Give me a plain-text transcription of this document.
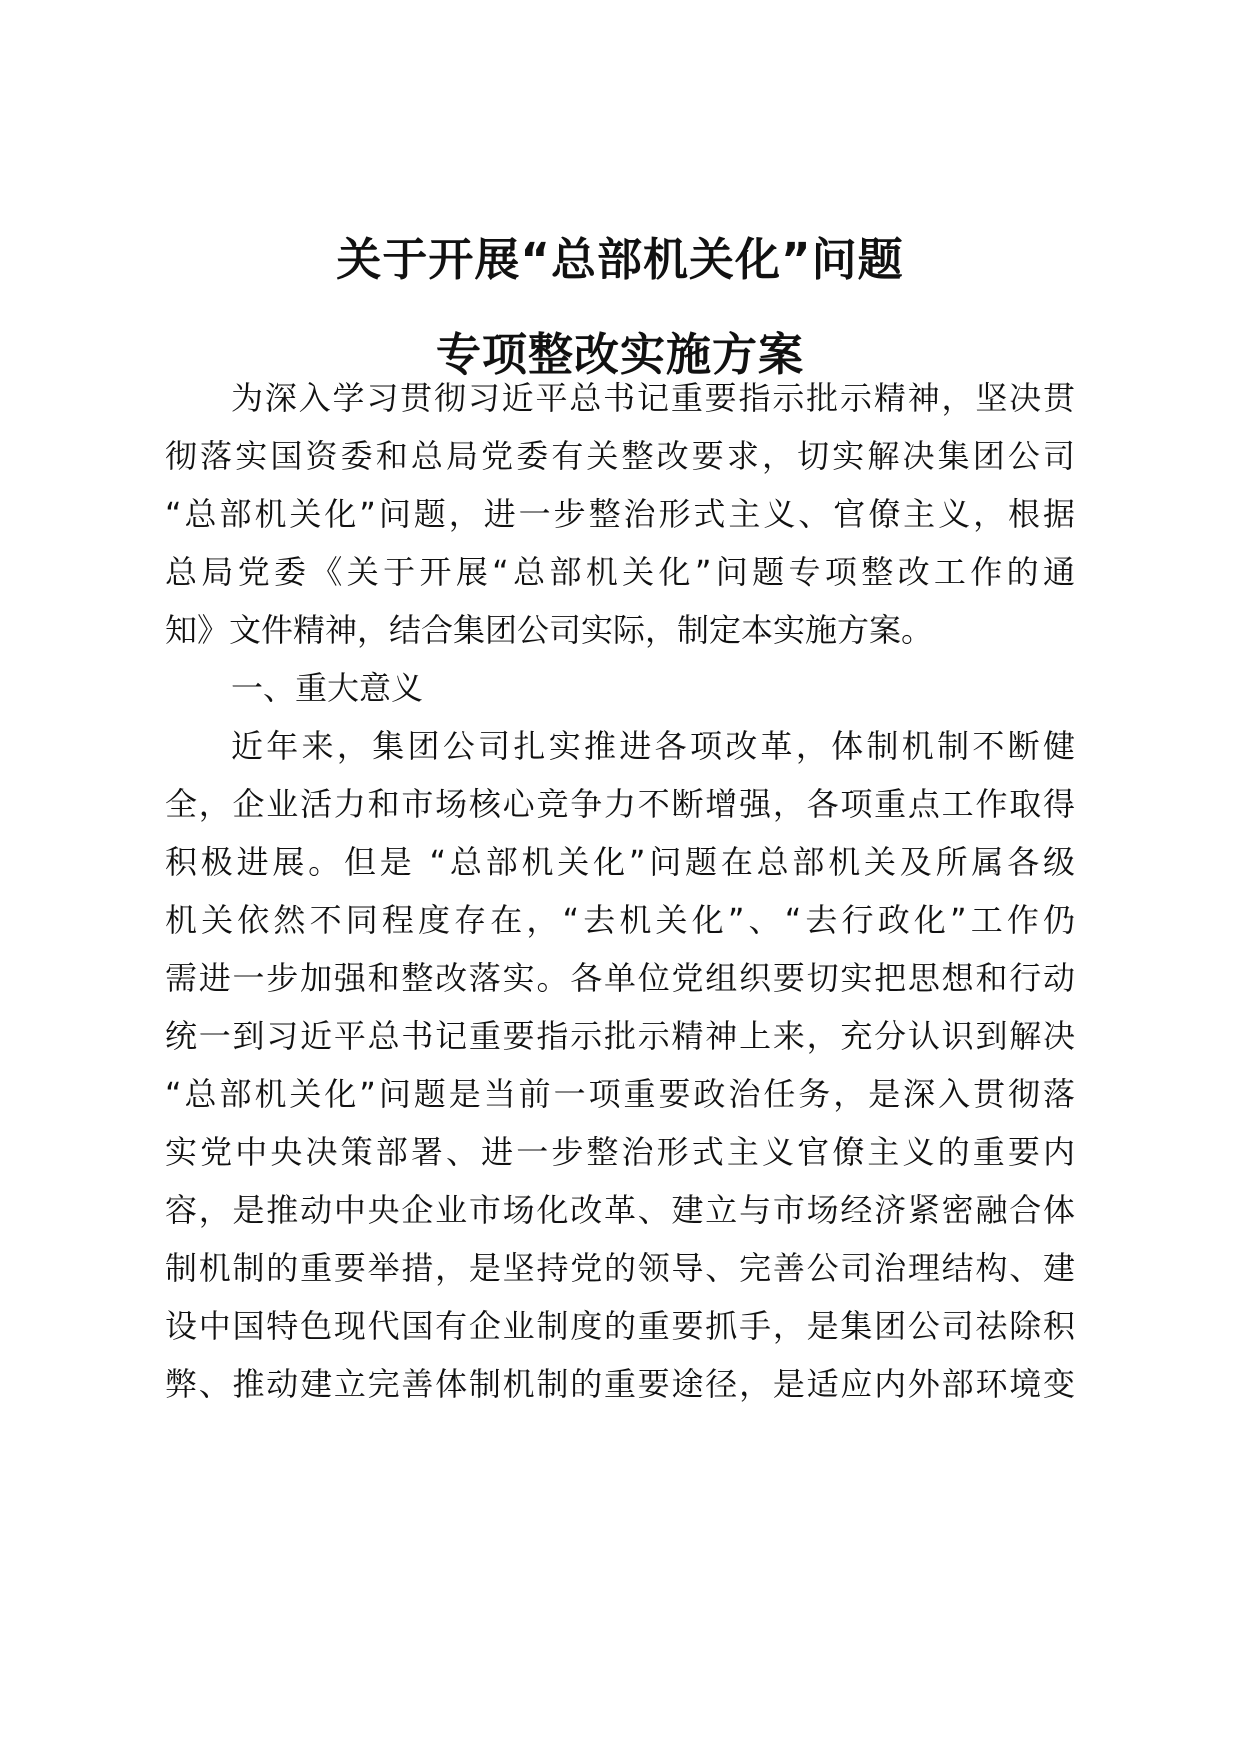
关于开展“总部机关化”问题
专项整改实施方案

为深入学习贯彻习近平总书记重要指示批示精神，坚决贯

彻落实国资委和总局党委有关整改要求，切实解决集团公司

“总部机关化”问题，进一步整治形式主义、官僚主义，根据

总局党委《关于开展“总部机关化”问题专项整改工作的通

知》文件精神，结合集团公司实际，制定本实施方案。

一、重大意义

近年来，集团公司扎实推进各项改革，体制机制不断健

全，企业活力和市场核心竞争力不断增强，各项重点工作取得

积极进展。但是 “总部机关化”问题在总部机关及所属各级

机关依然不同程度存在，“去机关化”、“去行政化”工作仍

需进一步加强和整改落实。各单位党组织要切实把思想和行动

统一到习近平总书记重要指示批示精神上来，充分认识到解决

“总部机关化”问题是当前一项重要政治任务，是深入贯彻落

实党中央决策部署、进一步整治形式主义官僚主义的重要内

容，是推动中央企业市场化改革、建立与市场经济紧密融合体

制机制的重要举措，是坚持党的领导、完善公司治理结构、建

设中国特色现代国有企业制度的重要抓手，是集团公司祛除积

弊、推动建立完善体制机制的重要途径，是适应内外部环境变
